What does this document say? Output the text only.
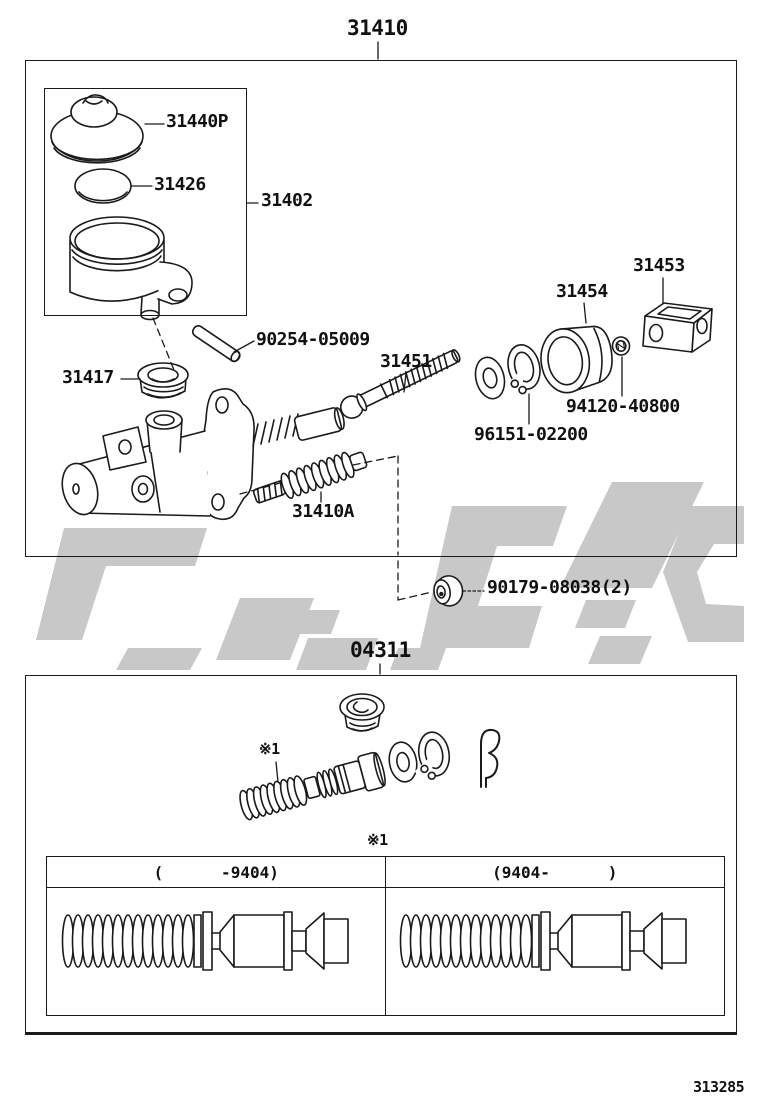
(      -9404)	(9404-      )
31410
31440P
31426
31402
90254-05009
31417
31451
31454
31453
94120-40800
96151-02200
31410A
90179-08038(2)
04311
※1
※1
313285
